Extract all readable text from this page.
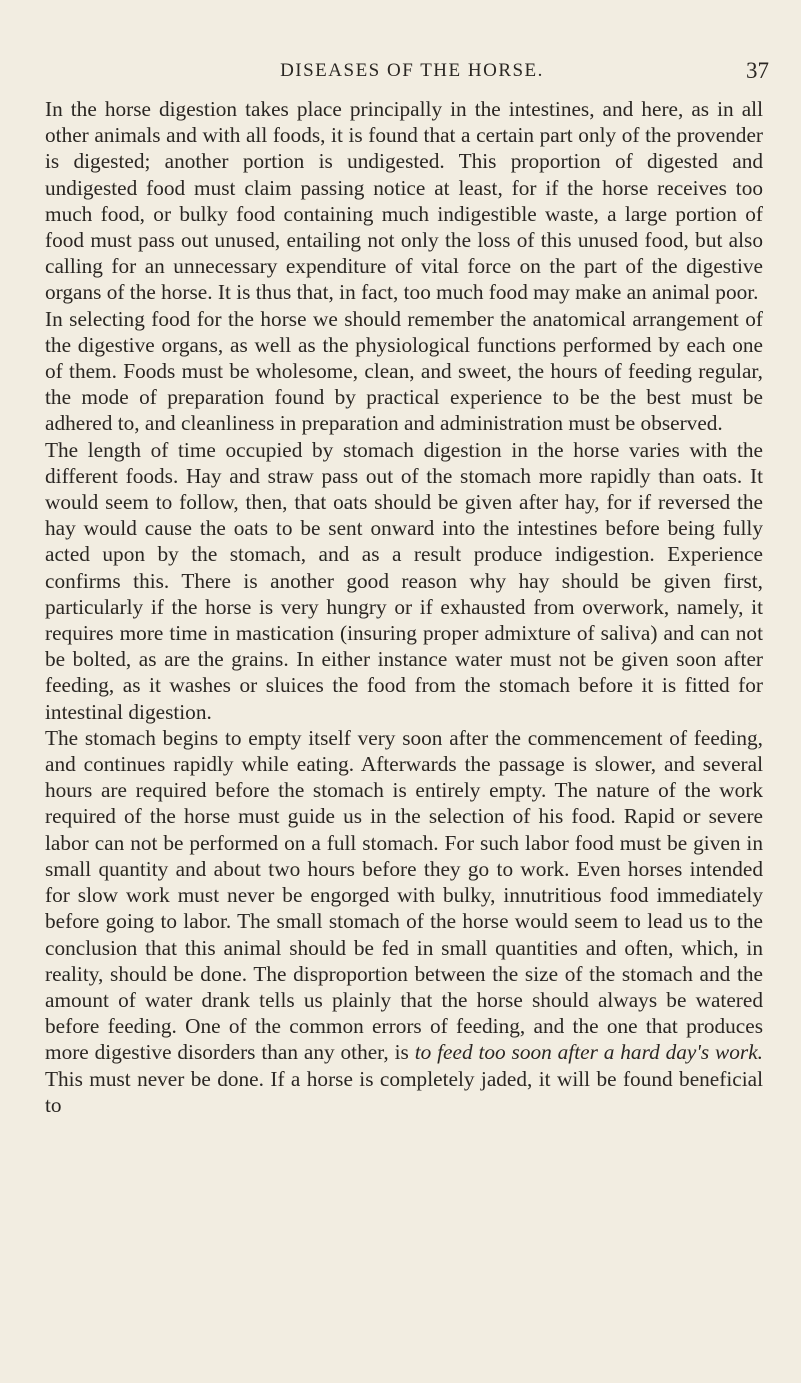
DISEASES OF THE HORSE.	37

In the horse digestion takes place principally in the intestines, and here, as in all other animals and with all foods, it is found that a certain part only of the provender is digested; another portion is undigested. This proportion of digested and undigested food must claim passing notice at least, for if the horse receives too much food, or bulky food containing much indigestible waste, a large portion of food must pass out unused, entailing not only the loss of this unused food, but also calling for an unnecessary expenditure of vital force on the part of the digestive organs of the horse. It is thus that, in fact, too much food may make an animal poor.

In selecting food for the horse we should remember the anatomical arrangement of the digestive organs, as well as the physiological functions performed by each one of them. Foods must be wholesome, clean, and sweet, the hours of feeding regular, the mode of preparation found by practical experience to be the best must be adhered to, and cleanliness in preparation and administration must be observed.

The length of time occupied by stomach digestion in the horse varies with the different foods. Hay and straw pass out of the stomach more rapidly than oats. It would seem to follow, then, that oats should be given after hay, for if reversed the hay would cause the oats to be sent onward into the intestines before being fully acted upon by the stomach, and as a result produce indigestion. Experience confirms this. There is another good reason why hay should be given first, particularly if the horse is very hungry or if exhausted from overwork, namely, it requires more time in mastication (insuring proper admixture of saliva) and can not be bolted, as are the grains. In either instance water must not be given soon after feeding, as it washes or sluices the food from the stomach before it is fitted for intestinal digestion.

The stomach begins to empty itself very soon after the commencement of feeding, and continues rapidly while eating. Afterwards the passage is slower, and several hours are required before the stomach is entirely empty. The nature of the work required of the horse must guide us in the selection of his food. Rapid or severe labor can not be performed on a full stomach. For such labor food must be given in small quantity and about two hours before they go to work. Even horses intended for slow work must never be engorged with bulky, innutritious food immediately before going to labor. The small stomach of the horse would seem to lead us to the conclusion that this animal should be fed in small quantities and often, which, in reality, should be done. The disproportion between the size of the stomach and the amount of water drank tells us plainly that the horse should always be watered before feeding. One of the common errors of feeding, and the one that produces more digestive disorders than any other, is to feed too soon after a hard day's work. This must never be done. If a horse is completely jaded, it will be found beneficial to
